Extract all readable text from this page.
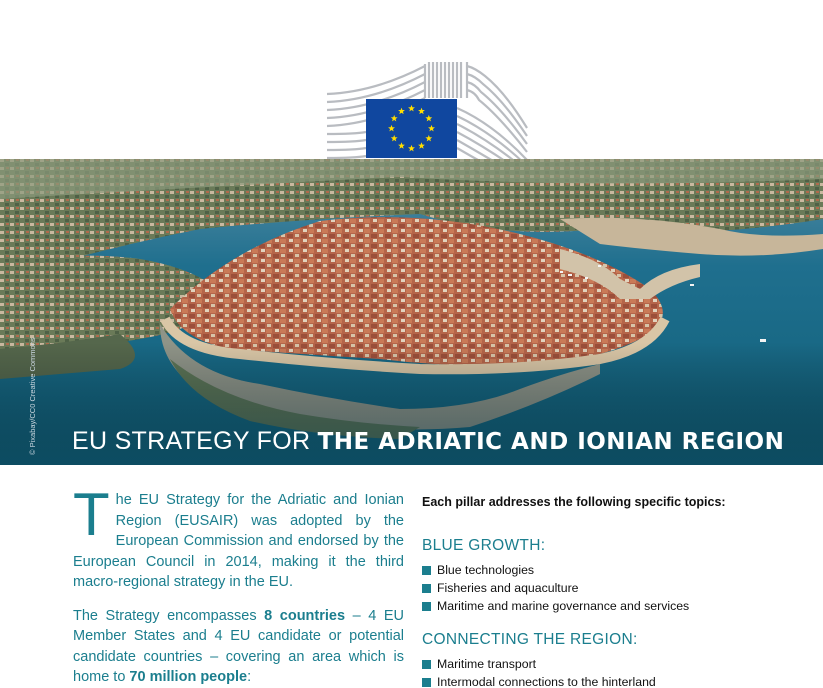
© Pixabay/CC0 Creative Commons EU STRATEGY FOR THE ADRIATIC AND IONIAN REGION
The EU Strategy for the Adriatic and Ionian Region (EUSAIR) was adopted by the European Commission and endorsed by the European Council in 2014, making it the third macro-regional strategy in the EU.
The Strategy encompasses 8 countries – 4 EU Member States and 4 EU candidate or potential candidate countries – covering an area which is home to 70 million people:
Each pillar addresses the following specific topics:
BLUE GROWTH:
Blue technologies
Fisheries and aquaculture
Maritime and marine governance and services
CONNECTING THE REGION:
Maritime transport
Intermodal connections to the hinterland
